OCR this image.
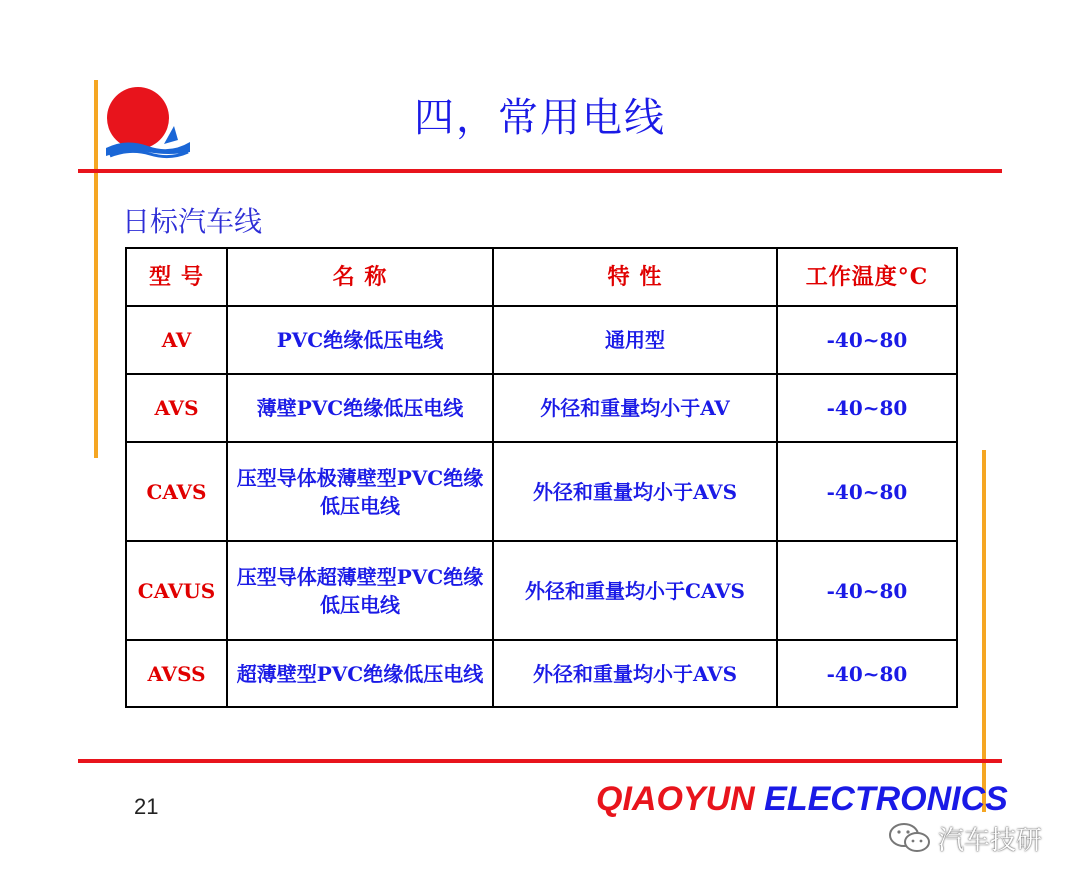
四，常用电线
日标汽车线
型 号	名 称	特 性	工作温度°C
AV	PVC绝缘低压电线	通用型	-40~80
AVS	薄壁PVC绝缘低压电线	外径和重量均小于AV	-40~80
CAVS	压型导体极薄壁型PVC绝缘低压电线	外径和重量均小于AVS	-40~80
CAVUS	压型导体超薄壁型PVC绝缘低压电线	外径和重量均小于CAVS	-40~80
AVSS	超薄壁型PVC绝缘低压电线	外径和重量均小于AVS	-40~80
21	QIAOYUN ELECTRONICS
汽车技研
